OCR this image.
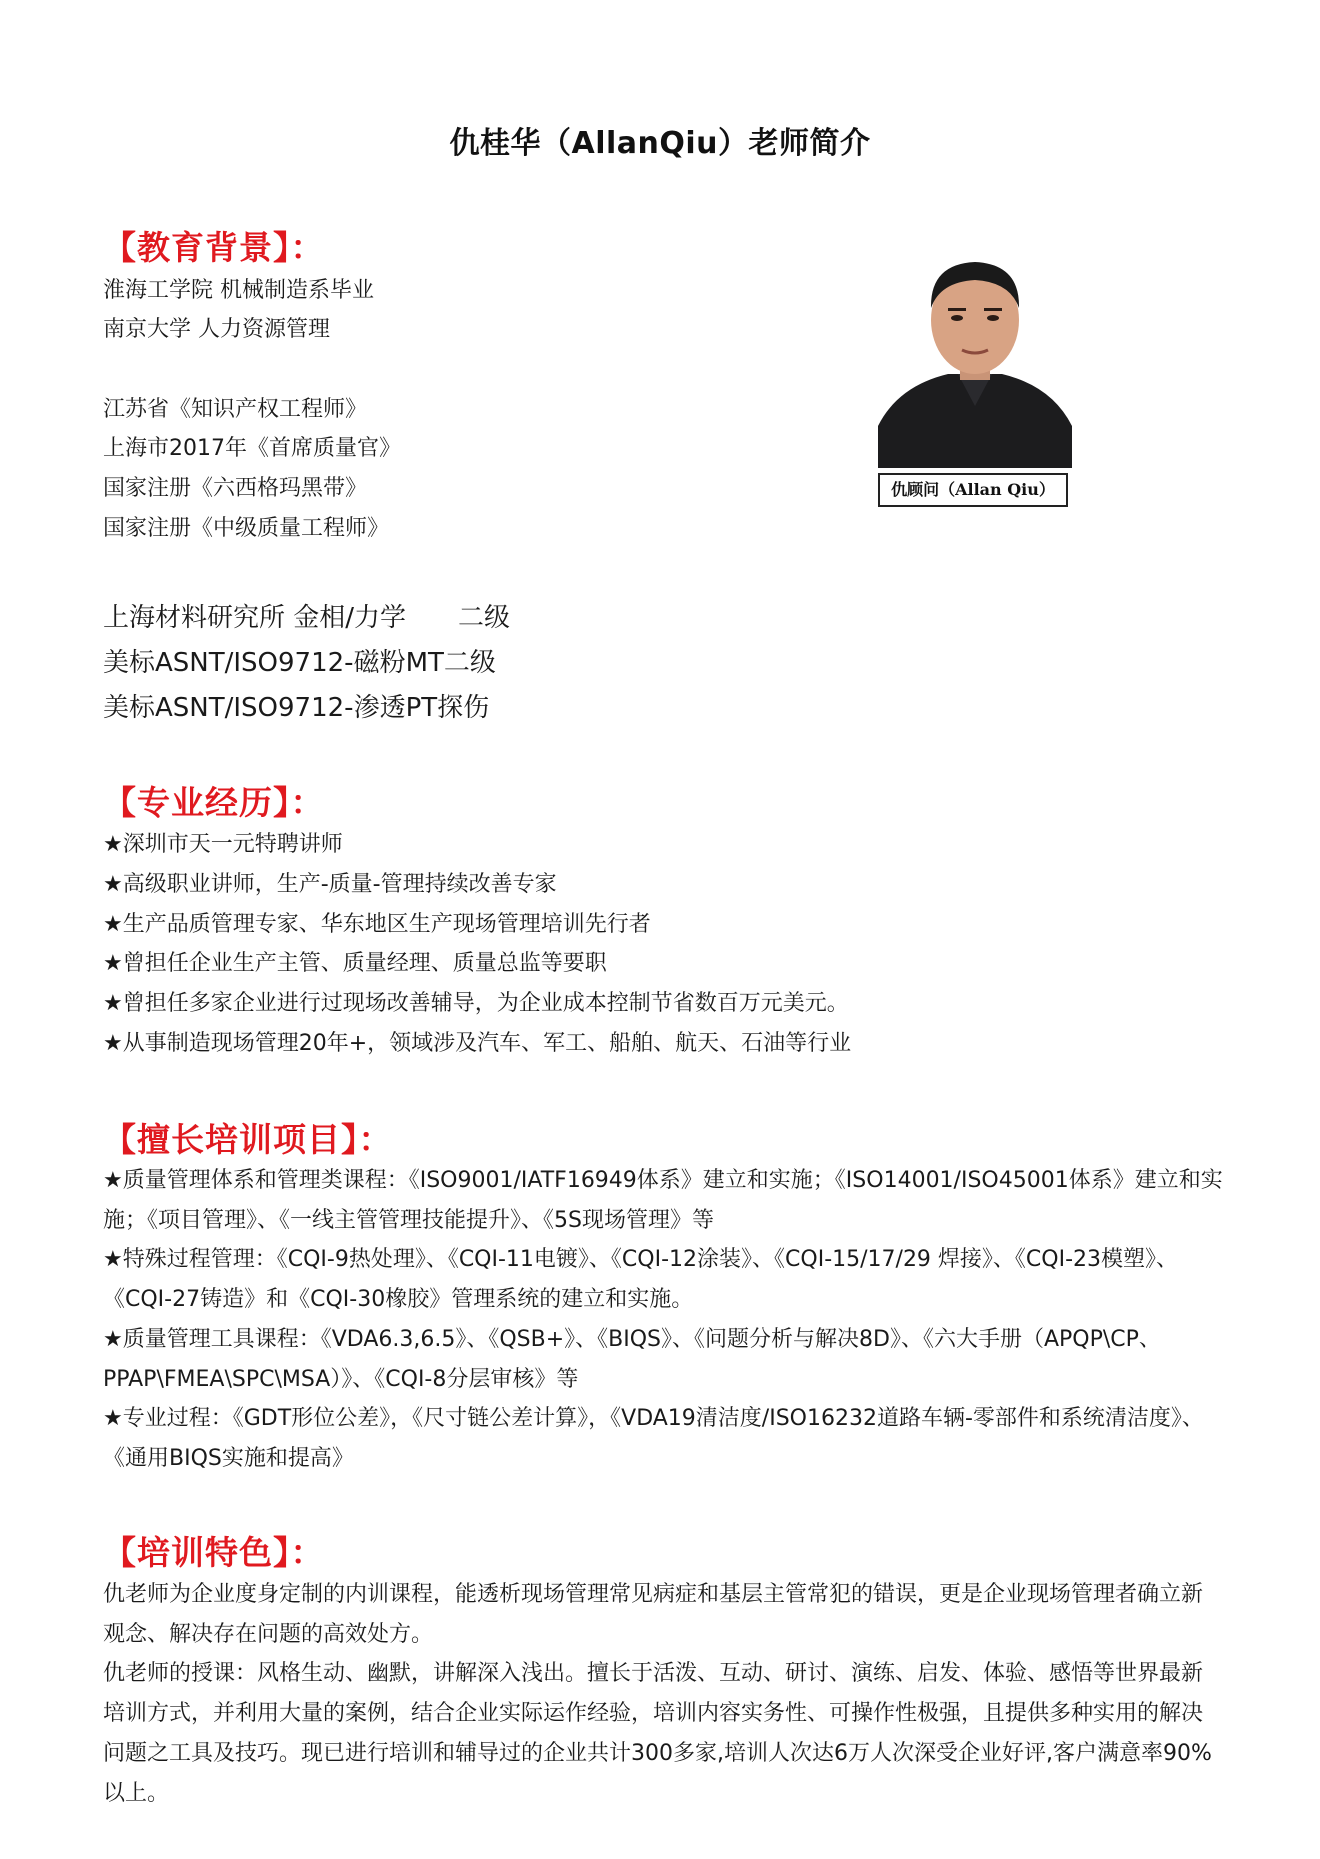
仇桂华（AllanQiu）老师简介
【教育背景】：
淮海工学院 机械制造系毕业
南京大学 人力资源管理
江苏省《知识产权工程师》
上海市2017年《首席质量官》
国家注册《六西格玛黑带》
国家注册《中级质量工程师》
上海材料研究所 金相/力学　　二级
美标ASNT/ISO9712-磁粉MT二级
美标ASNT/ISO9712-渗透PT探伤
仇顾问（Allan Qiu）
【专业经历】：
★深圳市天一元特聘讲师
★高级职业讲师，生产-质量-管理持续改善专家
★生产品质管理专家、华东地区生产现场管理培训先行者
★曾担任企业生产主管、质量经理、质量总监等要职
★曾担任多家企业进行过现场改善辅导，为企业成本控制节省数百万元美元。
★从事制造现场管理20年+，领域涉及汽车、军工、船舶、航天、石油等行业
【擅长培训项目】：
★质量管理体系和管理类课程：《ISO9001/IATF16949体系》建立和实施；《ISO14001/ISO45001体系》建立和实施；《项目管理》、《一线主管管理技能提升》、《5S现场管理》等
★特殊过程管理：《CQI-9热处理》、《CQI-11电镀》、《CQI-12涂装》、《CQI-15/17/29 焊接》、《CQI-23模塑》、《CQI-27铸造》和《CQI-30橡胶》管理系统的建立和实施。
★质量管理工具课程：《VDA6.3,6.5》、《QSB+》、《BIQS》、《问题分析与解决8D》、《六大手册（APQP\CP、PPAP\FMEA\SPC\MSA）》、《CQI-8分层审核》等
★专业过程：《GDT形位公差》，《尺寸链公差计算》，《VDA19清洁度/ISO16232道路车辆-零部件和系统清洁度》、《通用BIQS实施和提高》
【培训特色】：
仇老师为企业度身定制的内训课程，能透析现场管理常见病症和基层主管常犯的错误，更是企业现场管理者确立新观念、解决存在问题的高效处方。
仇老师的授课：风格生动、幽默，讲解深入浅出。擅长于活泼、互动、研讨、演练、启发、体验、感悟等世界最新培训方式，并利用大量的案例，结合企业实际运作经验，培训内容实务性、可操作性极强，且提供多种实用的解决问题之工具及技巧。现已进行培训和辅导过的企业共计300多家,培训人次达6万人次深受企业好评,客户满意率90%以上。
